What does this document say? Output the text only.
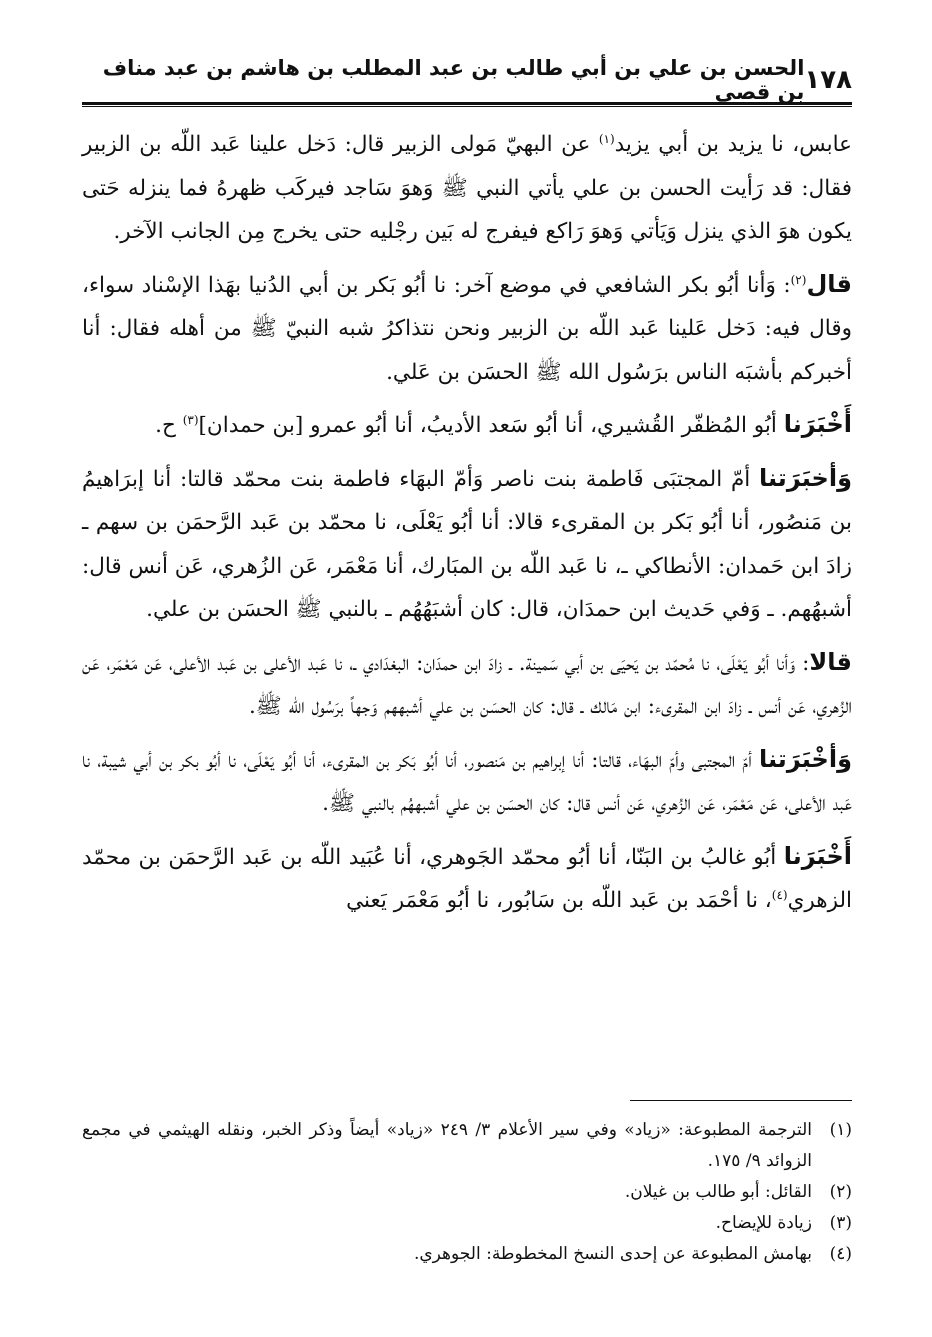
١٧٨
الحسن بن علي بن أبي طالب بن عبد المطلب بن هاشم بن عبد مناف بن قصي

عابس، نا يزيد بن أبي يزيد$^{(١)}$ عن البهيّ مَولى الزبير قال: دَخل علينا عَبد اللّه بن الزبير فقال: قد رَأيت الحسن بن علي يأتي النبي ﷺ وَهوَ سَاجد فيركَب ظهرهُ فما ينزله حَتى يكون هوَ الذي ينزل وَيَأتي وَهوَ رَاكع فيفرج له بَين رجْليه حتى يخرج مِن الجانب الآخر.

قال$^{(٢)}$: وَأنا أبُو بكر الشافعي في موضع آخر: نا أبُو بَكر بن أبي الدُنيا بهَذا الإسْناد سواء، وقال فيه: دَخل عَلينا عَبد اللّه بن الزبير ونحن نتذاكرُ شبه النبيّ ﷺ من أهله فقال: أنا أخبركم بأشبَه الناس برَسُول الله ﷺ الحسَن بن عَلي.

أَخْبَرَنا أبُو المُظفّر القُشيري، أنا أبُو سَعد الأديبُ، أنا أبُو عمرو [بن حمدان]$^{(٣)}$ ح.

وَأخبَرَتنا أمّ المجتبَى فَاطمة بنت ناصر وَأمّ البهَاء فاطمة بنت محمّد قالتا: أنا إبرَاهيمُ بن مَنصُور، أنا أبُو بَكر بن المقرىء قالا: أنا أبُو يَعْلَى، نا محمّد بن عَبد الرَّحمَن بن سهم ـ زادَ ابن حَمدان: الأنطاكي ـ، نا عَبد اللّه بن المبَارك، أنا مَعْمَر، عَن الزُهري، عَن أنس قال: أشبهُهم. ـ وَفي حَديث ابن حمدَان، قال: كان أشبَهُهُم ـ بالنبي ﷺ الحسَن بن علي.

قالا: وَأنا أبُو يَعْلَى، نا مُحمّد بن يَحيَى بن أبي سَمينة. ـ زادَ ابن حمدَان: البغدَادي ـ، نا عَبد الأعلى بن عَبد الأعلى، عَن مَعْمَر، عَن الزُهري، عَن أنس ـ زادَ ابن المقرىء: ابن مَالك ـ قال: كان الحسَن بن علي أشبههم وَجهاً برَسُول الله ﷺ.

وَأخْبَرَتنا أمّ المجتبى وأمّ البهَاء، قالتا: أنا إبراهيم بن مَنصور، أنا أبُو بَكر بن المقرىء، أنا أبُو يَعْلَى، نا أبُو بكر بن أبي شيبة، نا عَبد الأعلى، عَن مَعْمَر، عَن الزُهري، عَن أنس قال: كان الحسَن بن علي أشبههُم بالنبي ﷺ.

أَخْبَرَنا أبُو غالبُ بن البَنّا، أنا أبُو محمّد الجَوهري، أنا عُبَيد اللّه بن عَبد الرَّحمَن بن محمّد الزهري$^{(٤)}$، نا أحْمَد بن عَبد اللّه بن سَابُور، نا أبُو مَعْمَر يَعني

(١)
الترجمة المطبوعة: «زياد» وفي سير الأعلام ٣/ ٢٤٩ «زياد» أيضاً وذكر الخبر، ونقله الهيثمي في مجمع الزوائد ٩/ ١٧٥.
(٢)
القائل: أبو طالب بن غيلان.
(٣)
زيادة للإيضاح.
(٤)
بهامش المطبوعة عن إحدى النسخ المخطوطة: الجوهري.
